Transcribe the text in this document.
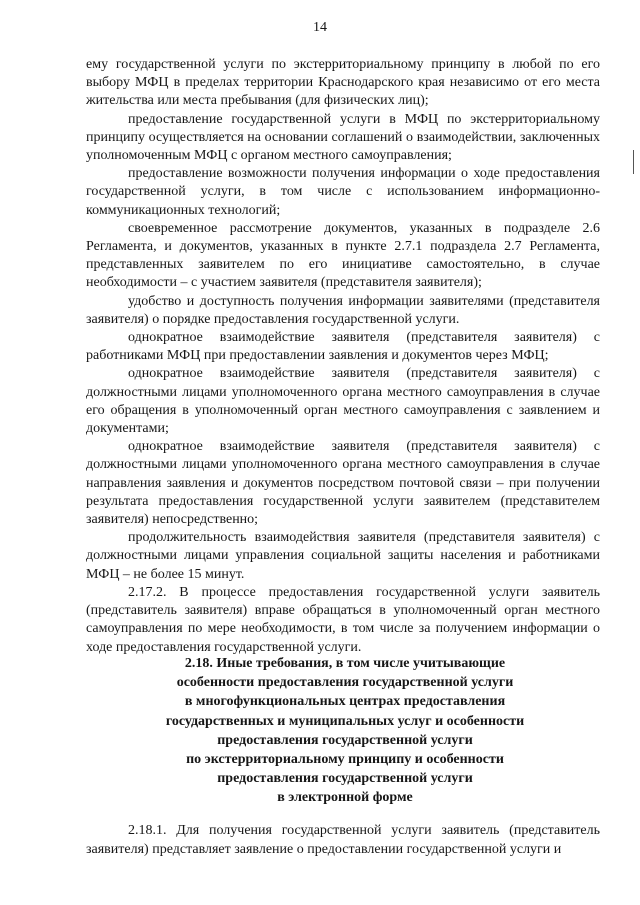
14

ему государственной услуги по экстерриториальному принципу в любой по его выбору МФЦ в пределах территории Краснодарского края независимо от его места жительства или места пребывания (для физических лиц);

предоставление государственной услуги в МФЦ по экстерриториальному принципу осуществляется на основании соглашений о взаимодействии, заключенных уполномоченным МФЦ с органом местного самоуправления;

предоставление возможности получения информации о ходе предоставления государственной услуги, в том числе с использованием информационно-коммуникационных технологий;

своевременное рассмотрение документов, указанных в подразделе 2.6 Регламента, и документов, указанных в пункте 2.7.1 подраздела 2.7 Регламента, представленных заявителем по его инициативе самостоятельно, в случае необходимости – с участием заявителя (представителя заявителя);

удобство и доступность получения информации заявителями (представителя заявителя) о порядке предоставления государственной услуги.

однократное взаимодействие заявителя (представителя заявителя) с работниками МФЦ при предоставлении заявления и документов через МФЦ;

однократное взаимодействие заявителя (представителя заявителя) с должностными лицами уполномоченного органа местного самоуправления в случае его обращения в уполномоченный орган местного самоуправления с заявлением и документами;

однократное взаимодействие заявителя (представителя заявителя) с должностными лицами уполномоченного органа местного самоуправления в случае направления заявления и документов посредством почтовой связи – при получении результата предоставления государственной услуги заявителем (представителем заявителя) непосредственно;

продолжительность взаимодействия заявителя (представителя заявителя) с должностными лицами управления социальной защиты населения и работниками МФЦ – не более 15 минут.

2.17.2. В процессе предоставления государственной услуги заявитель (представитель заявителя) вправе обращаться в уполномоченный орган местного самоуправления по мере необходимости, в том числе за получением информации о ходе предоставления государственной услуги.

2.18. Иные требования, в том числе учитывающие
особенности предоставления государственной услуги
в многофункциональных центрах предоставления
государственных и муниципальных услуг и особенности
предоставления государственной услуги
по экстерриториальному принципу и особенности
предоставления государственной услуги
в электронной форме

2.18.1. Для получения государственной услуги заявитель (представитель заявителя) представляет заявление о предоставлении государственной услуги и
